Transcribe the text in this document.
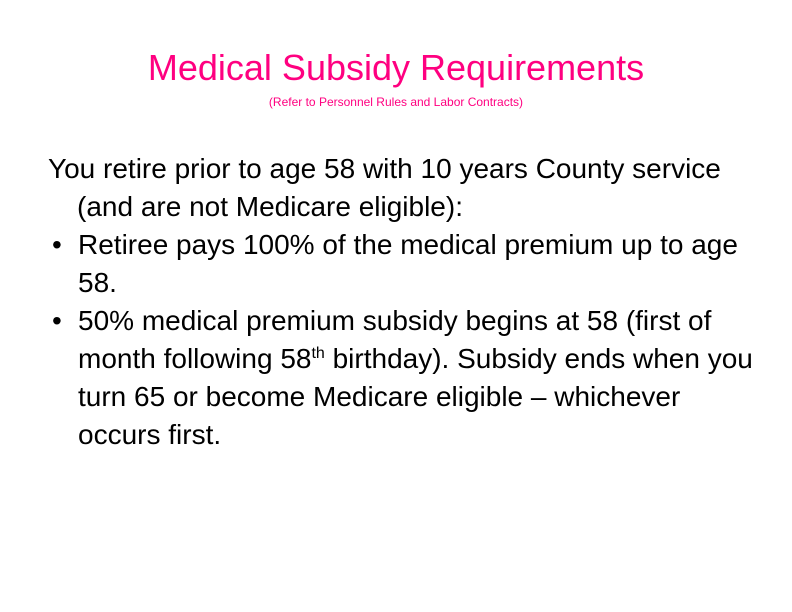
Medical Subsidy Requirements
(Refer to Personnel Rules and Labor Contracts)

You retire prior to age 58 with 10 years County service (and are not Medicare eligible):

• Retiree pays 100% of the medical premium up to age 58.
• 50% medical premium subsidy begins at 58 (first of month following 58th birthday). Subsidy ends when you turn 65 or become Medicare eligible – whichever occurs first.
